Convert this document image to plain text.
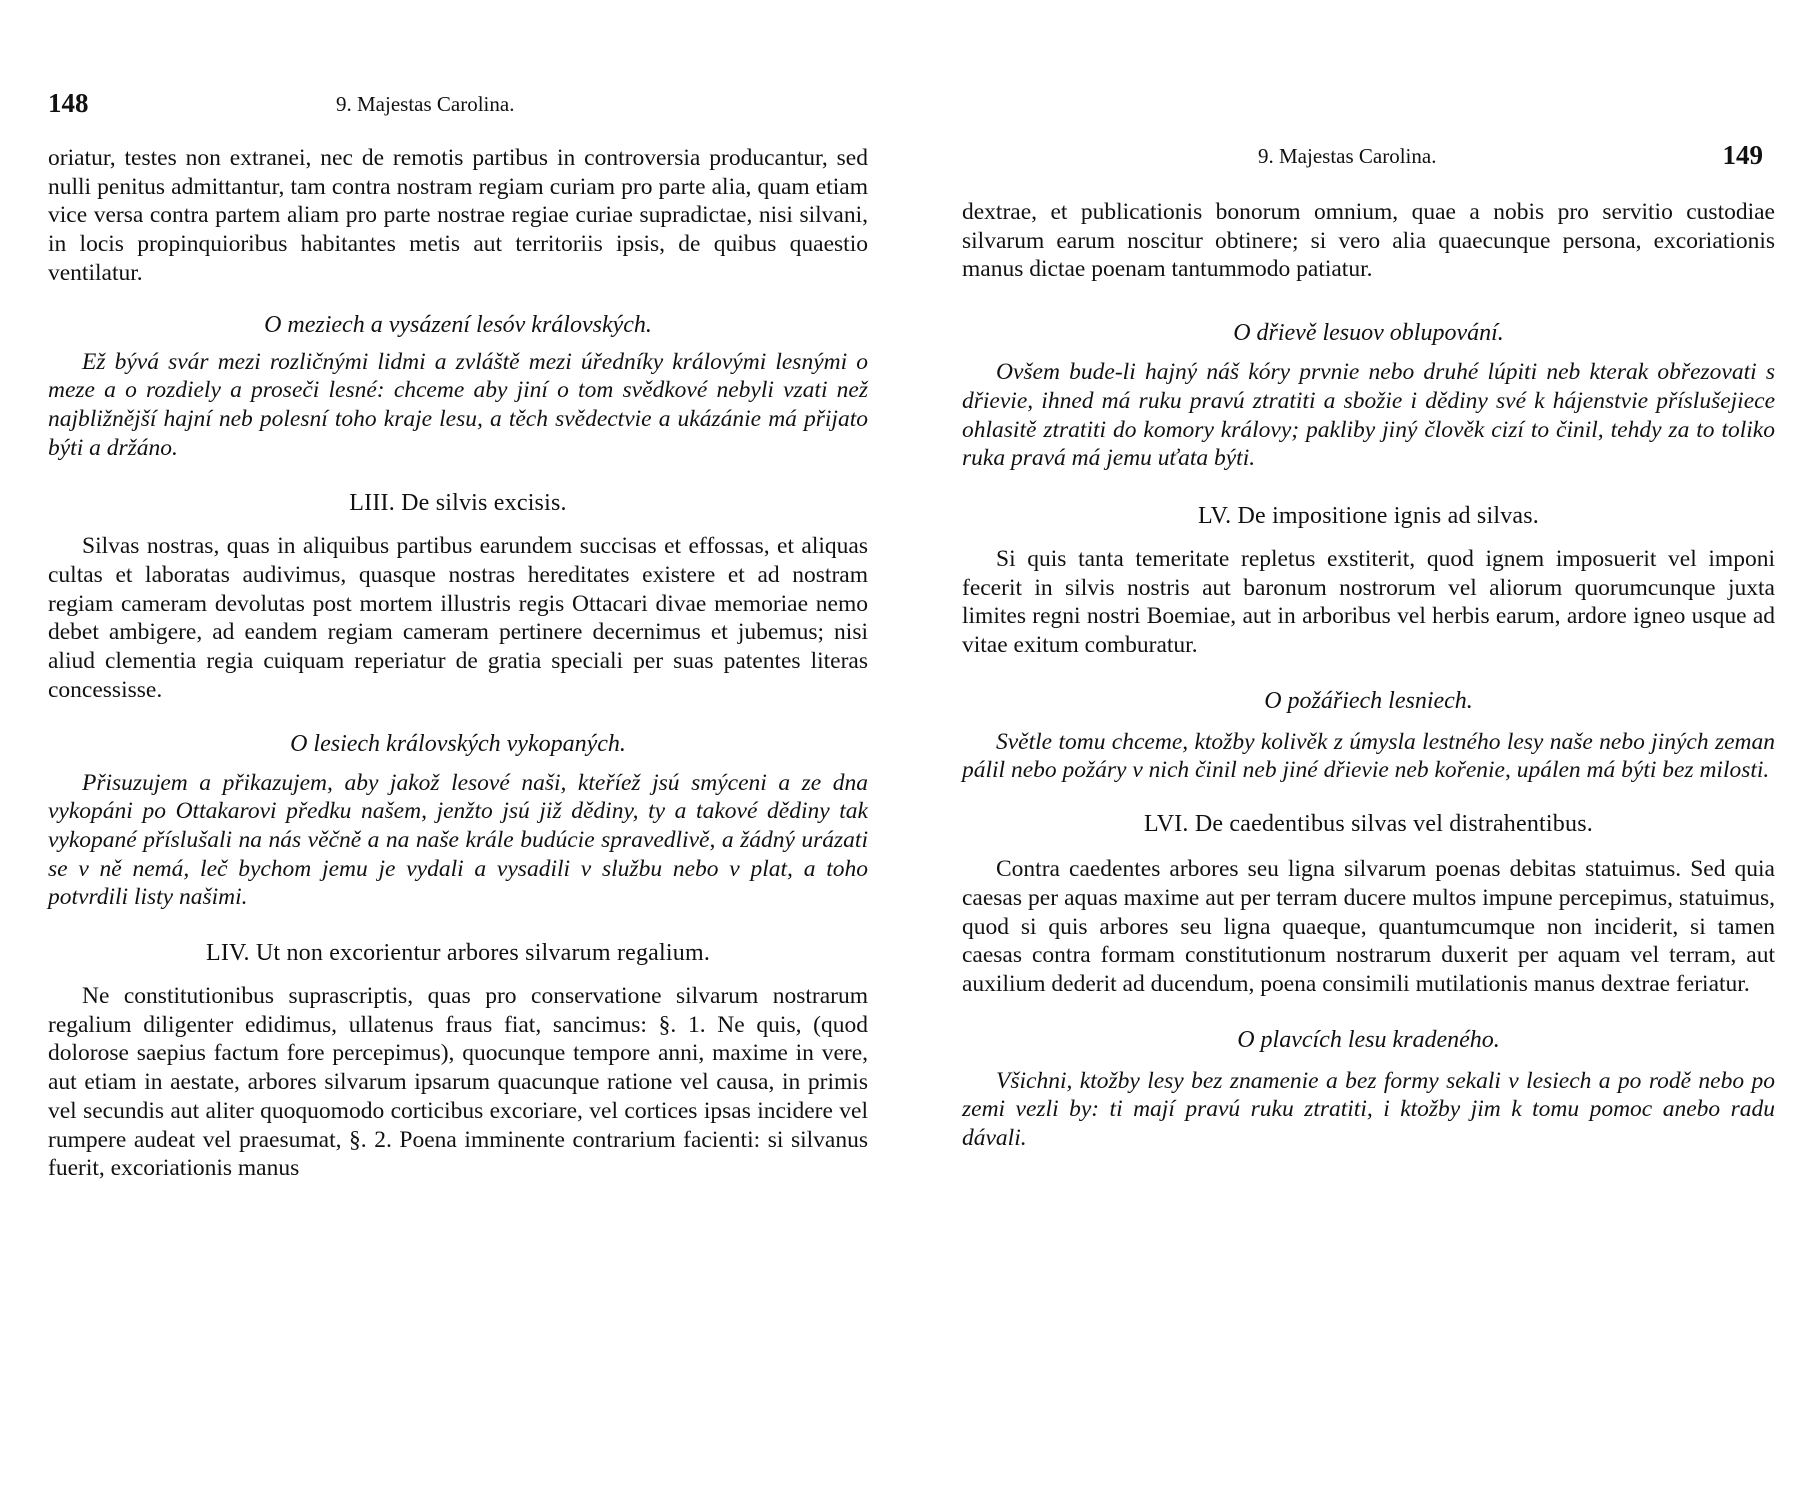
148	9. Majestas Carolina.

oriatur, testes non extranei, nec de remotis partibus in controversia producantur, sed nulli penitus admittantur, tam contra nostram regiam curiam pro parte alia, quam etiam vice versa contra partem aliam pro parte nostrae regiae curiae supradictae, nisi silvani, in locis propinquioribus habitantes metis aut territoriis ipsis, de quibus quaestio ventilatur.

O meziech a vysázení lesóv královských.

Ež bývá svár mezi rozličnými lidmi a zvláště mezi úředníky královými lesnými o meze a o rozdiely a proseči lesné: chceme aby jiní o tom svědkové nebyli vzati než najbližnější hajní neb polesní toho kraje lesu, a těch svědectvie a ukázánie má přijato býti a držáno.

LIII. De silvis excisis.

Silvas nostras, quas in aliquibus partibus earundem succisas et effossas, et aliquas cultas et laboratas audivimus, quasque nostras hereditates existere et ad nostram regiam cameram devolutas post mortem illustris regis Ottacari divae memoriae nemo debet ambigere, ad eandem regiam cameram pertinere decernimus et jubemus; nisi aliud clementia regia cuiquam reperiatur de gratia speciali per suas patentes literas concessisse.

O lesiech královských vykopaných.

Přisuzujem a přikazujem, aby jakož lesové naši, kteříež jsú smýceni a ze dna vykopáni po Ottakarovi předku našem, jenžto jsú již dědiny, ty a takové dědiny tak vykopané příslušali na nás věčně a na naše krále budúcie spravedlivě, a žádný urázati se v ně nemá, leč bychom jemu je vydali a vysadili v službu nebo v plat, a toho potvrdili listy našimi.

LIV. Ut non excorientur arbores silvarum regalium.

Ne constitutionibus suprascriptis, quas pro conservatione silvarum nostrarum regalium diligenter edidimus, ullatenus fraus fiat, sancimus: §. 1. Ne quis, (quod dolorose saepius factum fore percepimus), quocunque tempore anni, maxime in vere, aut etiam in aestate, arbores silvarum ipsarum quacunque ratione vel causa, in primis vel secundis aut aliter quoquomodo corticibus excoriare, vel cortices ipsas incidere vel rumpere audeat vel praesumat, §. 2. Poena imminente contrarium facienti: si silvanus fuerit, excoriationis manus

9. Majestas Carolina.	149

dextrae, et publicationis bonorum omnium, quae a nobis pro servitio custodiae silvarum earum noscitur obtinere; si vero alia quaecunque persona, excoriationis manus dictae poenam tantummodo patiatur.

O dřievě lesuov oblupování.

Ovšem bude-li hajný náš kóry prvnie nebo druhé lúpiti neb kterak obřezovati s dřievie, ihned má ruku pravú ztratiti a sbožie i dědiny své k hájenstvie příslušejiece ohlasitě ztratiti do komory královy; pakliby jiný člověk cizí to činil, tehdy za to toliko ruka pravá má jemu uťata býti.

LV. De impositione ignis ad silvas.

Si quis tanta temeritate repletus exstiterit, quod ignem imposuerit vel imponi fecerit in silvis nostris aut baronum nostrorum vel aliorum quorumcunque juxta limites regni nostri Boemiae, aut in arboribus vel herbis earum, ardore igneo usque ad vitae exitum comburatur.

O požářiech lesniech.

Světle tomu chceme, ktožby kolivěk z úmysla lestného lesy naše nebo jiných zeman pálil nebo požáry v nich činil neb jiné dřievie neb kořenie, upálen má býti bez milosti.

LVI. De caedentibus silvas vel distrahentibus.

Contra caedentes arbores seu ligna silvarum poenas debitas statuimus. Sed quia caesas per aquas maxime aut per terram ducere multos impune percepimus, statuimus, quod si quis arbores seu ligna quaeque, quantumcumque non inciderit, si tamen caesas contra formam constitutionum nostrarum duxerit per aquam vel terram, aut auxilium dederit ad ducendum, poena consimili mutilationis manus dextrae feriatur.

O plavcích lesu kradeného.

Všichni, ktožby lesy bez znamenie a bez formy sekali v lesiech a po rodě nebo po zemi vezli by: ti mají pravú ruku ztratiti, i ktožby jim k tomu pomoc anebo radu dávali.
